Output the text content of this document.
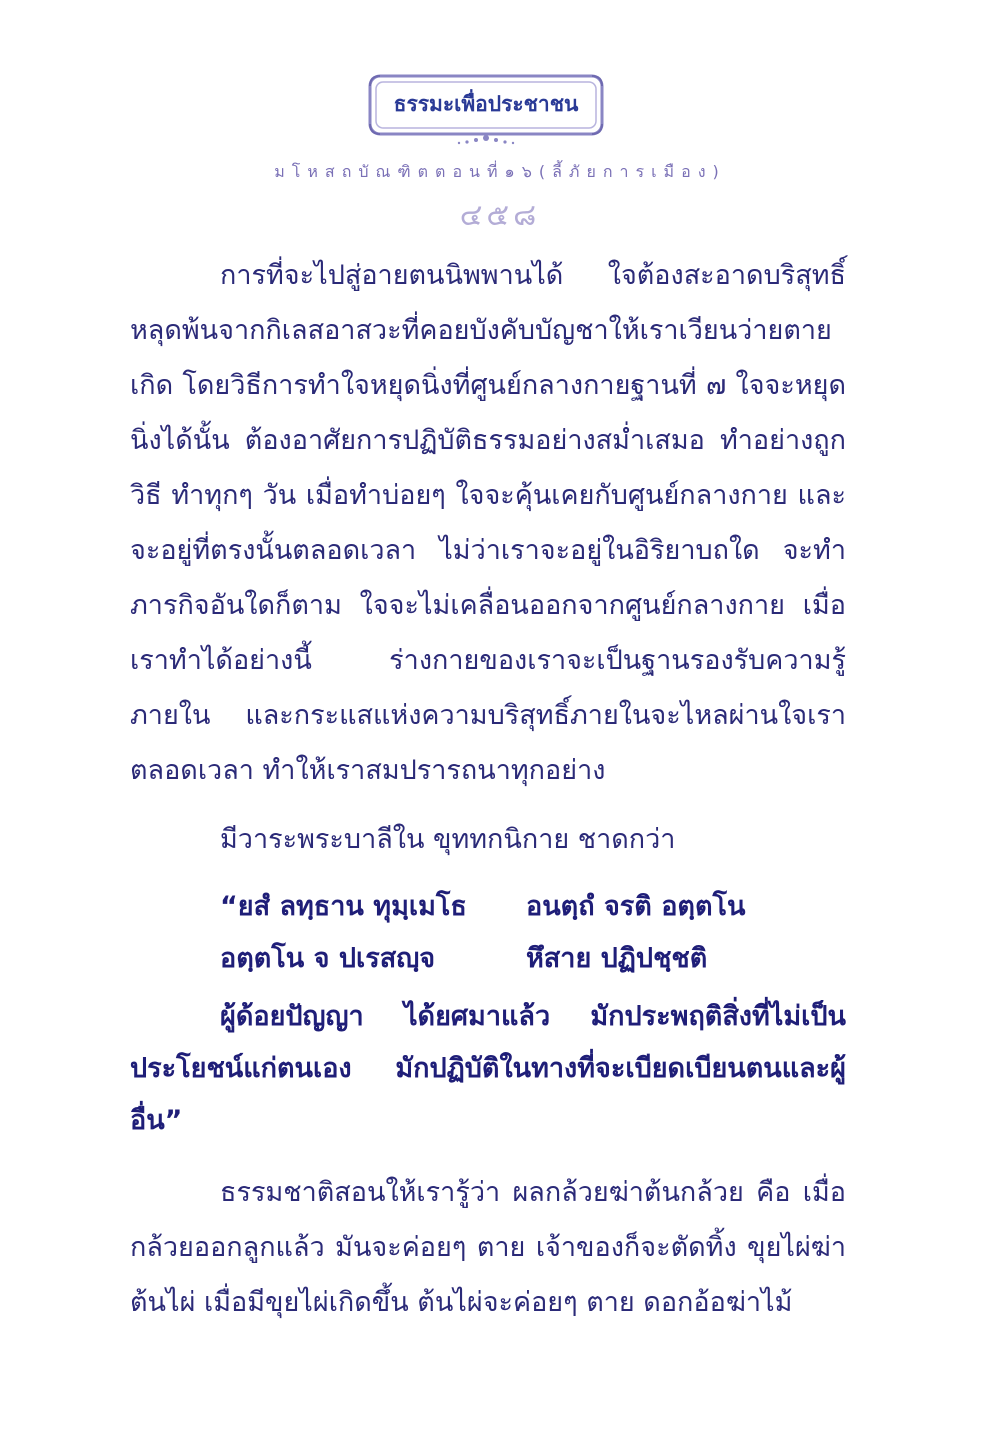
ธรรมะเพื่อประชาชน
มโหสถบัณฑิตตอนที่๑๖(ลี้ภัยการเมือง)
๔๕๘

การที่จะไปสู่อายตนนิพพานได้ ใจต้องสะอาดบริสุทธิ์หลุดพ้นจากกิเลสอาสวะที่คอยบังคับบัญชาให้เราเวียนว่ายตายเกิด โดยวิธีการทำใจหยุดนิ่งที่ศูนย์กลางกายฐานที่ ๗ ใจจะหยุดนิ่งได้นั้น ต้องอาศัยการปฏิบัติธรรมอย่างสม่ำเสมอ ทำอย่างถูกวิธี ทำทุกๆ วัน เมื่อทำบ่อยๆ ใจจะคุ้นเคยกับศูนย์กลางกาย และจะอยู่ที่ตรงนั้นตลอดเวลา ไม่ว่าเราจะอยู่ในอิริยาบถใด จะทำภารกิจอันใดก็ตาม ใจจะไม่เคลื่อนออกจากศูนย์กลางกาย เมื่อเราทำได้อย่างนี้ ร่างกายของเราจะเป็นฐานรองรับความรู้ภายใน และกระแสแห่งความบริสุทธิ์ภายในจะไหลผ่านใจเราตลอดเวลา ทำให้เราสมปรารถนาทุกอย่าง

มีวาระพระบาลีใน ขุททกนิกาย ชาดกว่า

“ยสํ ลทฺธาน ทุมฺเมโธ	อนตฺถํ จรติ อตฺตโน
อตฺตโน จ ปเรสญฺจ	หึสาย ปฏิปชฺชติ

ผู้ด้อยปัญญา ได้ยศมาแล้ว มักประพฤติสิ่งที่ไม่เป็นประโยชน์แก่ตนเอง มักปฏิบัติในทางที่จะเบียดเบียนตนและผู้อื่น”

ธรรมชาติสอนให้เรารู้ว่า ผลกล้วยฆ่าต้นกล้วย คือ เมื่อกล้วยออกลูกแล้ว มันจะค่อยๆ ตาย เจ้าของก็จะตัดทิ้ง ขุยไผ่ฆ่าต้นไผ่ เมื่อมีขุยไผ่เกิดขึ้น ต้นไผ่จะค่อยๆ ตาย ดอกอ้อฆ่าไม้
